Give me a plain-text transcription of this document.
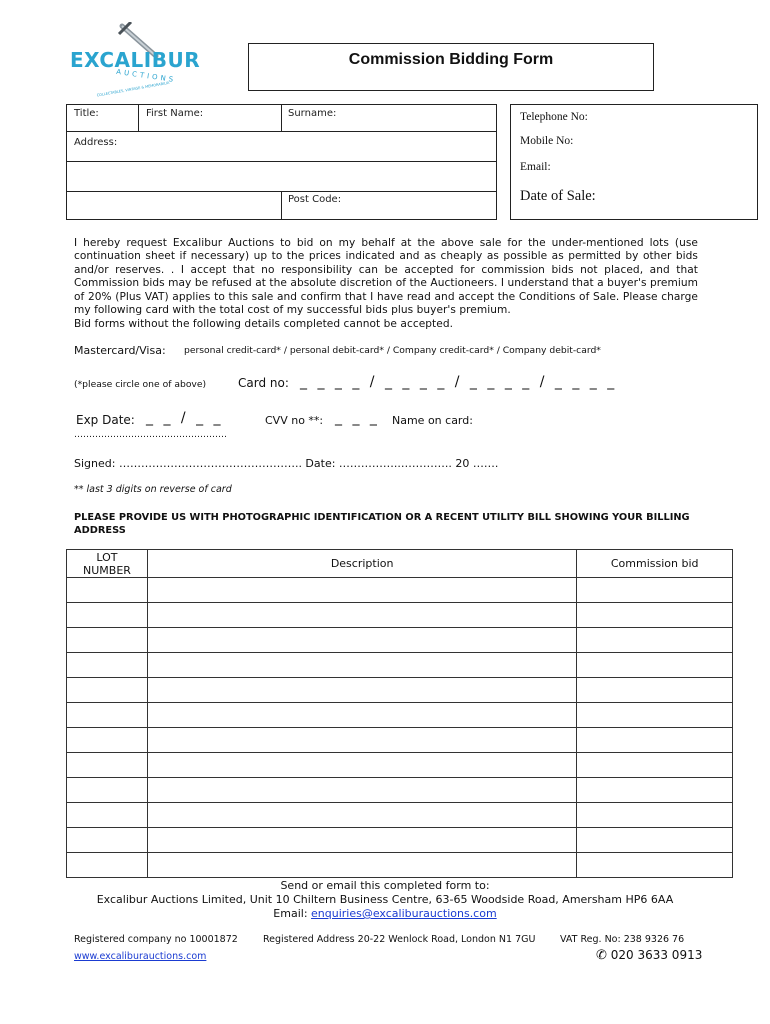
EXCALIBUR
AUCTIONS
COLLECTABLES, VINTAGE & MEMORABILIA
Commission Bidding Form
Title:	First Name:	Surname:
Address:
Post Code:
Telephone No:
Mobile No:
Email:
Date of Sale:
I hereby request Excalibur Auctions to bid on my behalf at the above sale for the under-mentioned lots (use continuation sheet if necessary) up to the prices indicated and as cheaply as possible as permitted by other bids and/or reserves. . I accept that no responsibility can be accepted for commission bids not placed, and that Commission bids may be refused at the absolute discretion of the Auctioneers. I understand that a buyer's premium of 20% (Plus VAT) applies to this sale and confirm that I have read and accept the Conditions of Sale. Please charge my following card with the total cost of my successful bids plus buyer's premium.
Bid forms without the following details completed cannot be accepted.
Mastercard/Visa: personal credit-card* / personal debit-card* / Company credit-card* / Company debit-card*
(*please circle one of above)	Card no: _ _ _ _ / _ _ _ _ / _ _ _ _ / _ _ _ _
Exp Date: _ _ / _ _	CVV no **: _ _ _ Name on card:
……………………………………………
Signed: ………………………………………….. Date: ……………..………….. 20 …….
** last 3 digits on reverse of card
PLEASE PROVIDE US WITH PHOTOGRAPHIC IDENTIFICATION OR A RECENT UTILITY BILL SHOWING YOUR BILLING ADDRESS
LOT NUMBER	Description	Commission bid

Send or email this completed form to:
Excalibur Auctions Limited, Unit 10 Chiltern Business Centre, 63-65 Woodside Road, Amersham HP6 6AA
Email: enquiries@excaliburauctions.com
Registered company no 10001872	Registered Address 20-22 Wenlock Road, London N1 7GU	VAT Reg. No: 238 9326 76
www.excaliburauctions.com	✆ 020 3633 0913
